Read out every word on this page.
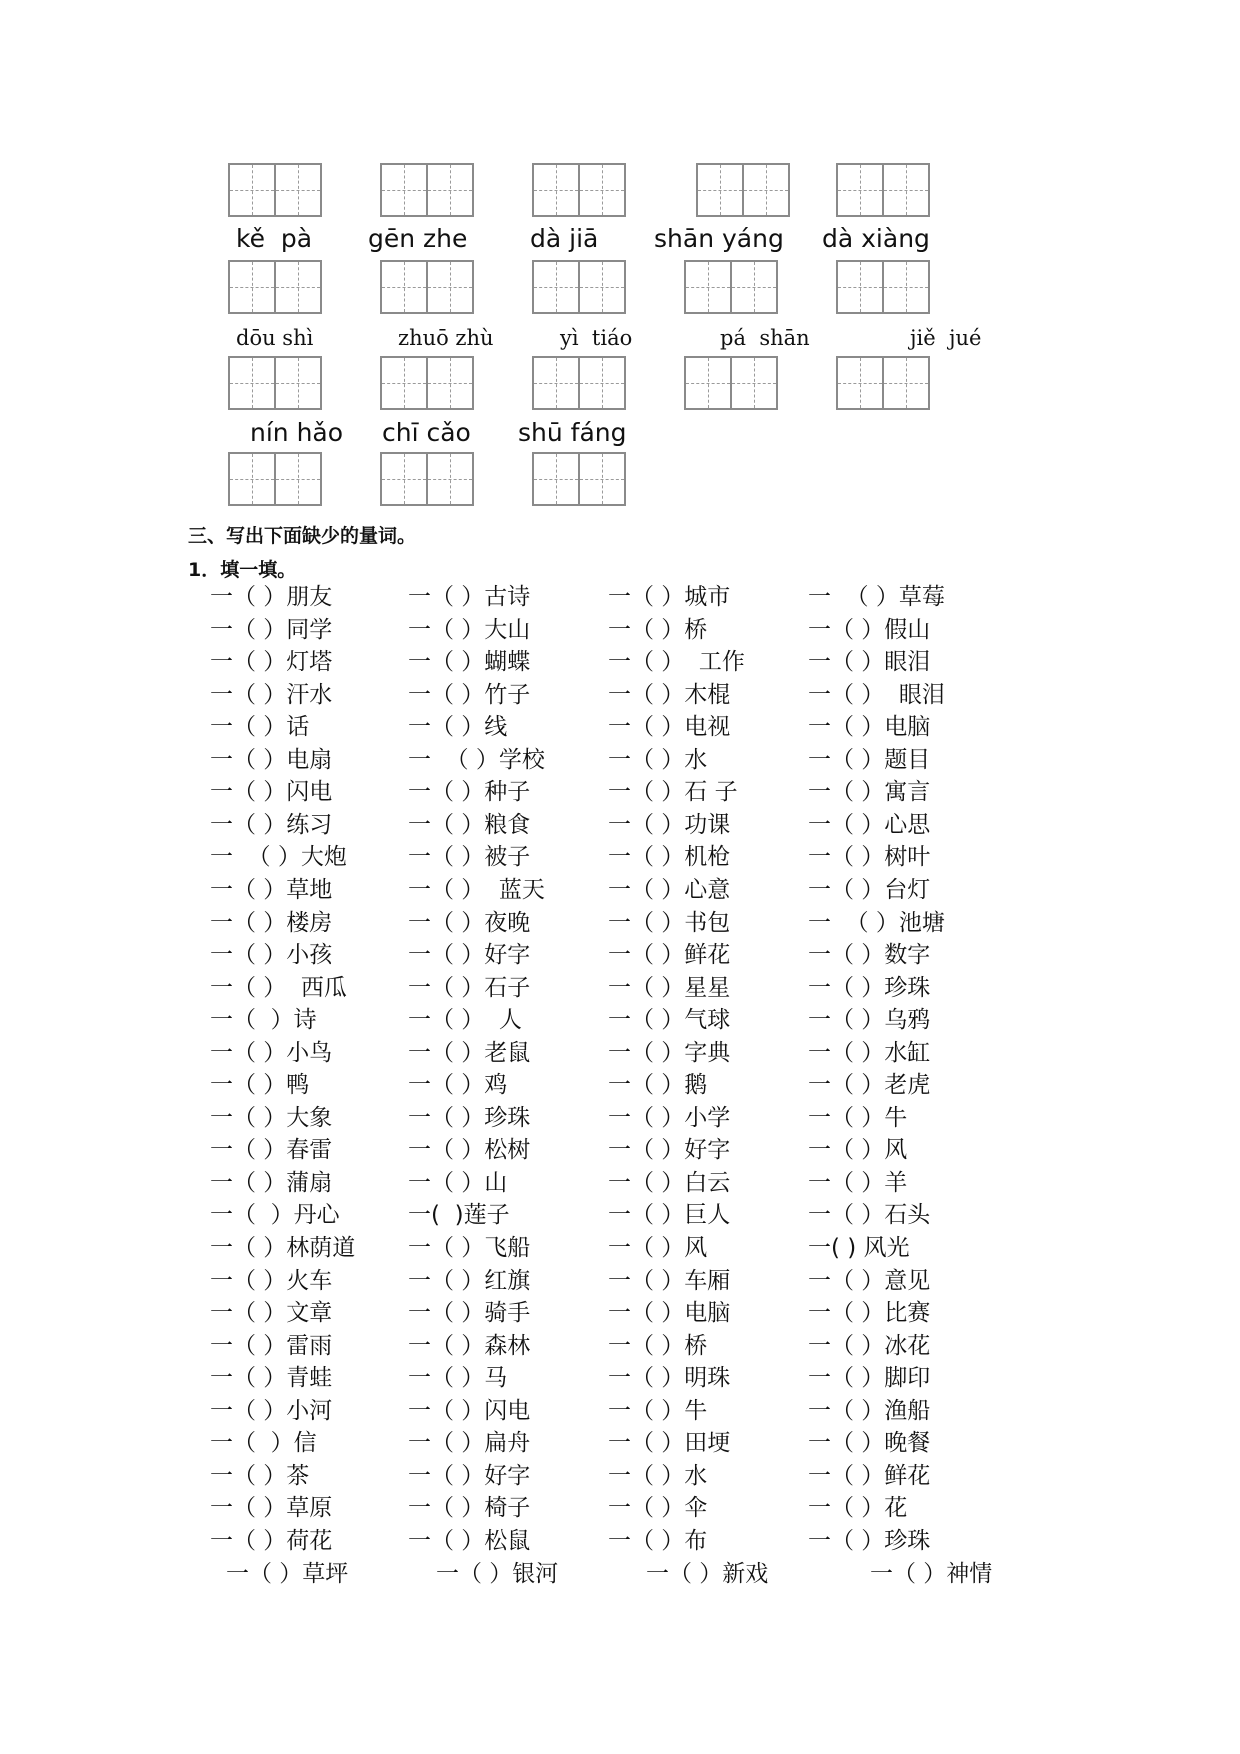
kě  pà gēn zhe	dà jiā shān yáng dà xiàng
dōu shì	zhuō zhù	yì  tiáo	pá  shān	jiě  jué
nín hǎo chī cǎo shū fáng
三、写出下面缺少的量词。
1．填一填。
一（ ）朋友	一（ ）古诗	一（ ）城市	一  （ ）草莓
一（ ）同学	一（ ）大山	一（ ）桥	一（ ）假山
一（ ）灯塔	一（ ）蝴蝶	一（ ）  工作	一（ ）眼泪
一（ ）汗水	一（ ）竹子	一（ ）木棍	一（ ）  眼泪
一（ ）话	一（ ）线	一（ ）电视	一（ ）电脑
一（ ）电扇	一  （ ）学校	一（ ）水	一（ ）题目
一（ ）闪电	一（ ）种子	一（ ）石 子	一（ ）寓言
一（ ）练习	一（ ）粮食	一（ ）功课	一（ ）心思
一  （ ）大炮	一（ ）被子	一（ ）机枪	一（ ）树叶
一（ ）草地	一（ ）  蓝天	一（ ）心意	一（ ）台灯
一（ ）楼房	一（ ）夜晚	一（ ）书包	一  （ ）池塘
一（ ）小孩	一（ ）好字	一（ ）鲜花	一（ ）数字
一（ ）  西瓜	一（ ）石子	一（ ）星星	一（ ）珍珠
一（  ）诗	一（ ）  人	一（ ）气球	一（ ）乌鸦
一（ ）小鸟	一（ ）老鼠	一（ ）字典	一（ ）水缸
一（ ）鸭	一（ ）鸡	一（ ）鹅	一（ ）老虎
一（ ）大象	一（ ）珍珠	一（ ）小学	一（ ）牛
一（ ）春雷	一（ ）松树	一（ ）好字	一（ ）风
一（ ）蒲扇	一（ ）山	一（ ）白云	一（ ）羊
一（  ）丹心	一(  )莲子	一（ ）巨人	一（ ）石头
一（ ）林荫道 一（ ）飞船	一（ ）风	一( ) 风光
一（ ）火车	一（ ）红旗	一（ ）车厢	一（ ）意见
一（ ）文章	一（ ）骑手	一（ ）电脑	一（ ）比赛
一（ ）雷雨	一（ ）森林	一（ ）桥	一（ ）冰花
一（ ）青蛙	一（ ）马	一（ ）明珠	一（ ）脚印
一（ ）小河	一（ ）闪电	一（ ）牛	一（ ）渔船
一（  ）信	一（ ）扁舟	一（ ）田埂	一（ ）晚餐
一（ ）茶	一（ ）好字	一（ ）水	一（ ）鲜花
一（ ）草原	一（ ）椅子	一（ ）伞	一（ ）花
一（ ）荷花	一（ ）松鼠	一（ ）布	一（ ）珍珠
一（ ）草坪	一（ ）银河	一（ ）新戏	一（ ）神情
